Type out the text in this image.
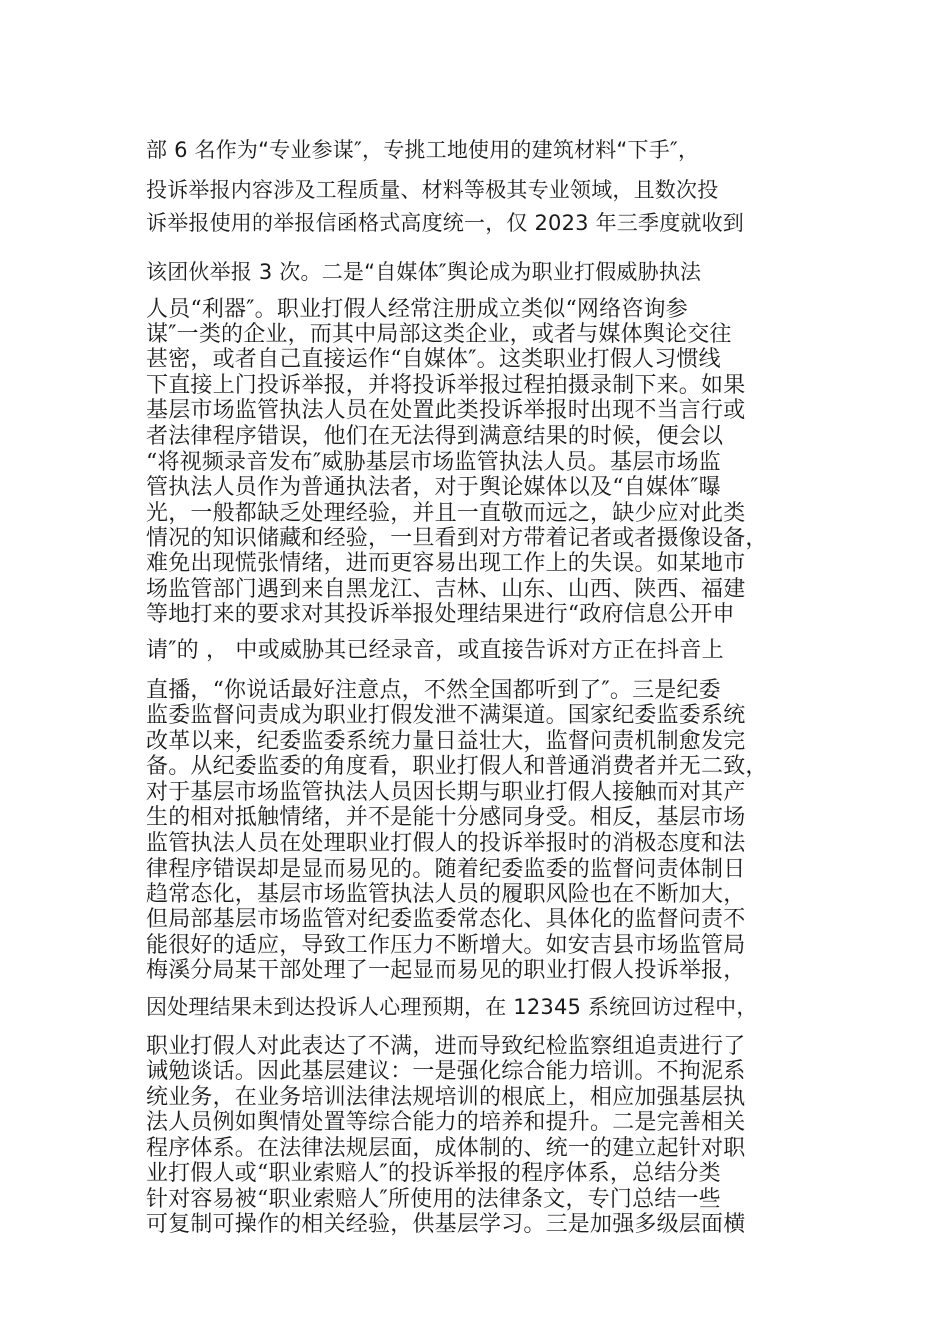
部 6 名作为“专业参谋″，专挑工地使用的建筑材料“下手″，

投诉举报内容涉及工程质量、材料等极其专业领域，且数次投

诉举报使用的举报信函格式高度统一，仅 2023 年三季度就收到

该团伙举报 3 次。二是“自媒体″舆论成为职业打假威胁执法

人员“利器″。职业打假人经常注册成立类似“网络咨询参

谋″一类的企业，而其中局部这类企业，或者与媒体舆论交往

甚密，或者自己直接运作“自媒体″。这类职业打假人习惯线

下直接上门投诉举报，并将投诉举报过程拍摄录制下来。如果

基层市场监管执法人员在处置此类投诉举报时出现不当言行或

者法律程序错误，他们在无法得到满意结果的时候，便会以

“将视频录音发布″威胁基层市场监管执法人员。基层市场监

管执法人员作为普通执法者，对于舆论媒体以及“自媒体″曝

光，一般都缺乏处理经验，并且一直敬而远之，缺少应对此类

情况的知识储藏和经验，一旦看到对方带着记者或者摄像设备，

难免出现慌张情绪，进而更容易出现工作上的失误。如某地市

场监管部门遇到来自黑龙江、吉林、山东、山西、陕西、福建

等地打来的要求对其投诉举报处理结果进行“政府信息公开申

请″的 ， 中或威胁其已经录音，或直接告诉对方正在抖音上

直播，“你说话最好注意点，不然全国都听到了″。三是纪委

监委监督问责成为职业打假发泄不满渠道。国家纪委监委系统

改革以来，纪委监委系统力量日益壮大，监督问责机制愈发完

备。从纪委监委的角度看，职业打假人和普通消费者并无二致，

对于基层市场监管执法人员因长期与职业打假人接触而对其产

生的相对抵触情绪，并不是能十分感同身受。相反，基层市场

监管执法人员在处理职业打假人的投诉举报时的消极态度和法

律程序错误却是显而易见的。随着纪委监委的监督问责体制日

趋常态化，基层市场监管执法人员的履职风险也在不断加大，

但局部基层市场监管对纪委监委常态化、具体化的监督问责不

能很好的适应，导致工作压力不断增大。如安吉县市场监管局

梅溪分局某干部处理了一起显而易见的职业打假人投诉举报，

因处理结果未到达投诉人心理预期，在 12345 系统回访过程中，

职业打假人对此表达了不满，进而导致纪检监察组追责进行了

诫勉谈话。因此基层建议：一是强化综合能力培训。不拘泥系

统业务，在业务培训法律法规培训的根底上，相应加强基层执

法人员例如舆情处置等综合能力的培养和提升。二是完善相关

程序体系。在法律法规层面，成体制的、统一的建立起针对职

业打假人或“职业索赔人″的投诉举报的程序体系，总结分类

针对容易被“职业索赔人″所使用的法律条文，专门总结一些

可复制可操作的相关经验，供基层学习。三是加强多级层面横
